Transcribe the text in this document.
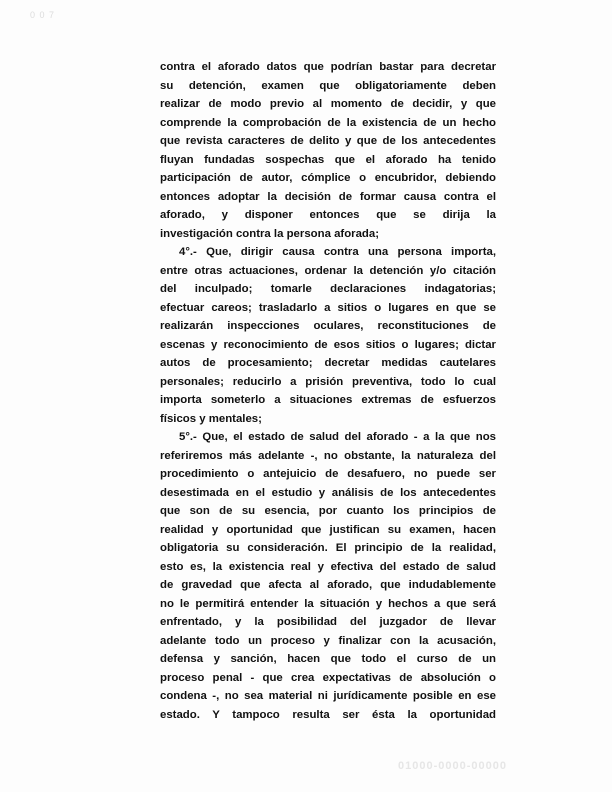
0 0 7
contra el aforado datos que podrían bastar para decretar
su detención, examen que obligatoriamente deben
realizar de modo previo al momento de decidir, y que
comprende la comprobación de la existencia de un hecho
que revista caracteres de delito y que de los antecedentes
fluyan fundadas sospechas que el aforado ha tenido
participación de autor, cómplice o encubridor, debiendo
entonces adoptar la decisión de formar causa contra el
aforado, y disponer entonces que se dirija la
investigación contra la persona aforada;
4°.- Que, dirigir causa contra una persona importa,
entre otras actuaciones, ordenar la detención y/o citación
del inculpado; tomarle declaraciones indagatorias;
efectuar careos; trasladarlo a sitios o lugares en que se
realizarán inspecciones oculares, reconstituciones de
escenas y reconocimiento de esos sitios o lugares; dictar
autos de procesamiento; decretar medidas cautelares
personales; reducirlo a prisión preventiva, todo lo cual
importa someterlo a situaciones extremas de esfuerzos
físicos y mentales;
5°.- Que, el estado de salud del aforado - a la que nos
referiremos más adelante -, no obstante, la naturaleza del
procedimiento o antejuicio de desafuero, no puede ser
desestimada en el estudio y análisis de los antecedentes
que son de su esencia, por cuanto los principios de
realidad y oportunidad que justifican su examen, hacen
obligatoria su consideración. El principio de la realidad,
esto es, la existencia real y efectiva del estado de salud
de gravedad que afecta al aforado, que indudablemente
no le permitirá entender la situación y hechos a que será
enfrentado, y la posibilidad del juzgador de llevar
adelante todo un proceso y finalizar con la acusación,
defensa y sanción, hacen que todo el curso de un
proceso penal - que crea expectativas de absolución o
condena -, no sea material ni jurídicamente posible en ese
estado. Y tampoco resulta ser ésta la oportunidad
01000-0000-00000
